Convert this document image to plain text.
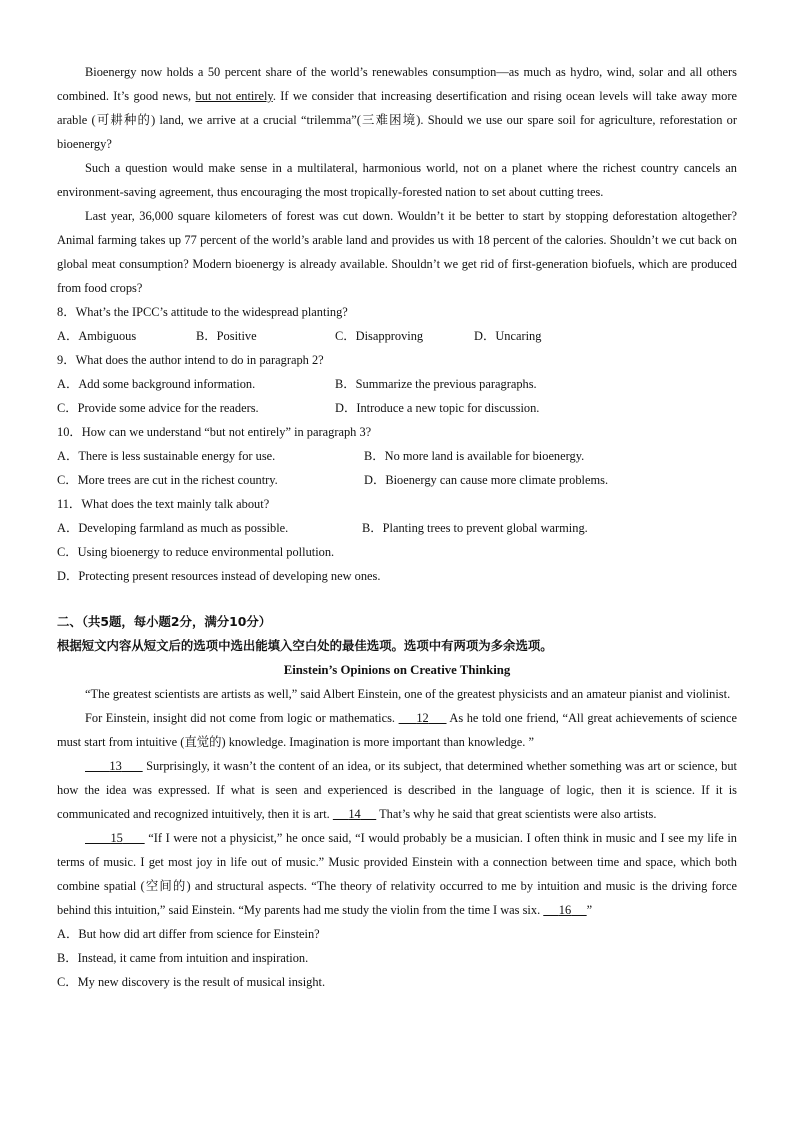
Bioenergy now holds a 50 percent share of the world’s renewables consumption—as much as hydro, wind, solar and all others combined. It’s good news, but not entirely. If we consider that increasing desertification and rising ocean levels will take away more arable (可耕种的) land, we arrive at a crucial “trilemma”(三难困境). Should we use our spare soil for agriculture, reforestation or bioenergy?

Such a question would make sense in a multilateral, harmonious world, not on a planet where the richest country cancels an environment-saving agreement, thus encouraging the most tropically-forested nation to set about cutting trees.

Last year, 36,000 square kilometers of forest was cut down. Wouldn’t it be better to start by stopping deforestation altogether? Animal farming takes up 77 percent of the world’s arable land and provides us with 18 percent of the calories. Shouldn’t we cut back on global meat consumption? Modern bioenergy is already available. Shouldn’t we get rid of first-generation biofuels, which are produced from food crops?

8．What’s the IPCC’s attitude to the widespread planting?

A．Ambiguous	B．Positive	C．Disapproving	D．Uncaring

9．What does the author intend to do in paragraph 2?

A．Add some background information.	B．Summarize the previous paragraphs.
C．Provide some advice for the readers.	D．Introduce a new topic for discussion.

10．How can we understand “but not entirely” in paragraph 3?

A．There is less sustainable energy for use.	B．No more land is available for bioenergy.
C．More trees are cut in the richest country.	D．Bioenergy can cause more climate problems.

11．What does the text mainly talk about?

A．Developing farmland as much as possible.	B．Planting trees to prevent global warming.

C．Using bioenergy to reduce environmental pollution.

D．Protecting present resources instead of developing new ones.

二、（共5题，每小题2分，满分10分）

根据短文内容从短文后的选项中选出能填入空白处的最佳选项。选项中有两项为多余选项。

Einstein’s Opinions on Creative Thinking

“The greatest scientists are artists as well,” said Albert Einstein, one of the greatest physicists and an amateur pianist and violinist.

For Einstein, insight did not come from logic or mathematics.      12      As he told one friend, “All great achievements of science must start from intuitive (直觉的) knowledge. Imagination is more important than knowledge. ”

13       Surprisingly, it wasn’t the content of an idea, or its subject, that determined whether something was art or science, but how the idea was expressed. If what is seen and experienced is described in the language of logic, then it is science. If it is communicated and recognized intuitively, then it is art.      14      That’s why he said that great scientists were also artists.

15       “If I were not a physicist,” he once said, “I would probably be a musician. I often think in music and I see my life in terms of music. I get most joy in life out of music.” Music provided Einstein with a connection between time and space, which both combine spatial (空间的) and structural aspects. “The theory of relativity occurred to me by intuition and music is the driving force behind this intuition,” said Einstein. “My parents had me study the violin from the time I was six.      16 ”

A．But how did art differ from science for Einstein?

B．Instead, it came from intuition and inspiration.

C．My new discovery is the result of musical insight.
